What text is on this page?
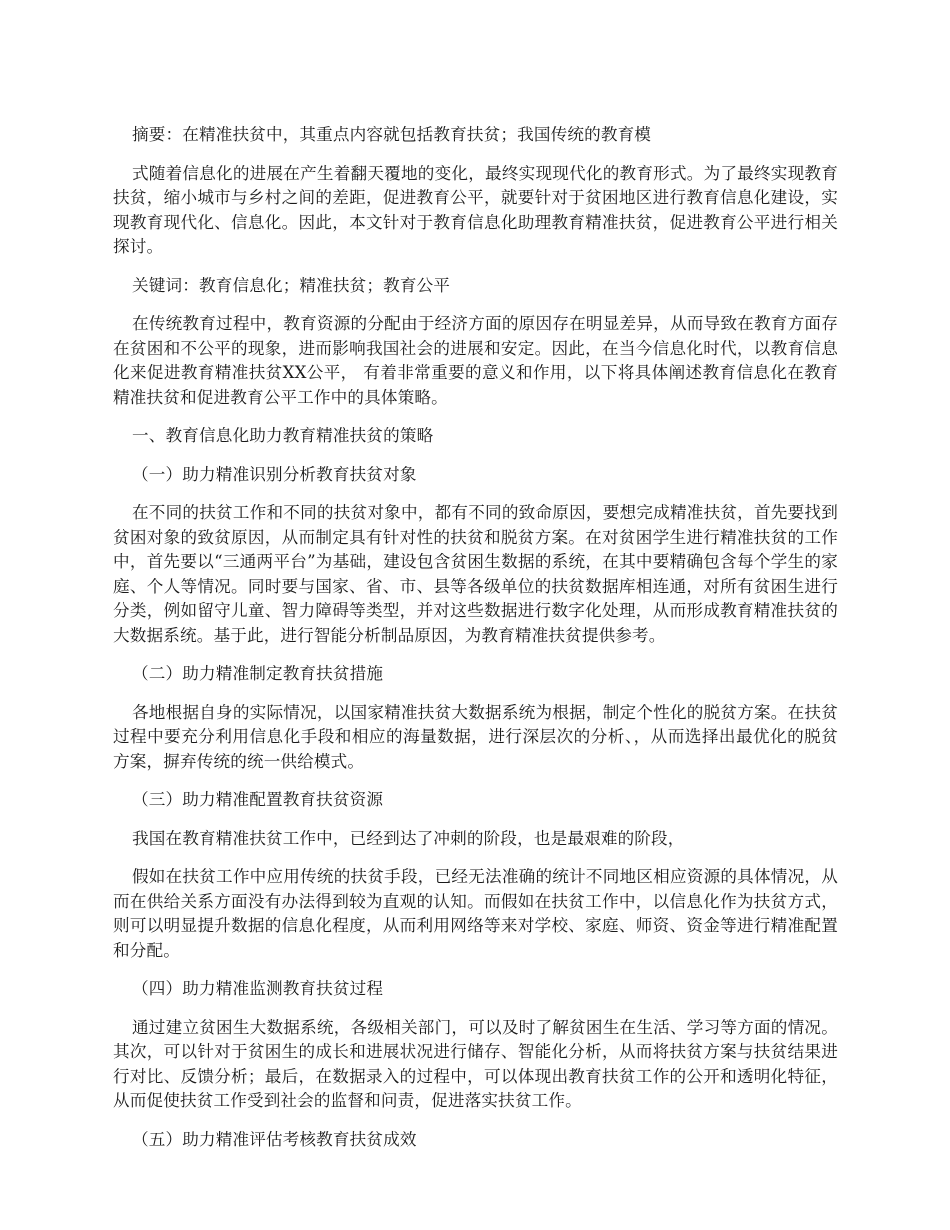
摘要：在精准扶贫中，其重点内容就包括教育扶贫；我国传统的教育模

式随着信息化的进展在产生着翻天覆地的变化，最终实现现代化的教育形式。为了最终实现教育扶贫，缩小城市与乡村之间的差距，促进教育公平，就要针对于贫困地区进行教育信息化建设，实现教育现代化、信息化。因此，本文针对于教育信息化助理教育精准扶贫，促进教育公平进行相关探讨。

关键词：教育信息化；精准扶贫；教育公平

在传统教育过程中，教育资源的分配由于经济方面的原因存在明显差异，从而导致在教育方面存在贫困和不公平的现象，进而影响我国社会的进展和安定。因此，在当今信息化时代，以教育信息化来促进教育精准扶贫XX公平， 有着非常重要的意义和作用，以下将具体阐述教育信息化在教育精准扶贫和促进教育公平工作中的具体策略。

一、教育信息化助力教育精准扶贫的策略

（一）助力精准识别分析教育扶贫对象

在不同的扶贫工作和不同的扶贫对象中，都有不同的致命原因，要想完成精准扶贫，首先要找到贫困对象的致贫原因，从而制定具有针对性的扶贫和脱贫方案。在对贫困学生进行精准扶贫的工作中，首先要以“三通两平台”为基础，建设包含贫困生数据的系统，在其中要精确包含每个学生的家庭、个人等情况。同时要与国家、省、市、县等各级单位的扶贫数据库相连通，对所有贫困生进行分类，例如留守儿童、智力障碍等类型，并对这些数据进行数字化处理，从而形成教育精准扶贫的大数据系统。基于此，进行智能分析制品原因，为教育精准扶贫提供参考。

（二）助力精准制定教育扶贫措施

各地根据自身的实际情况，以国家精准扶贫大数据系统为根据，制定个性化的脱贫方案。在扶贫过程中要充分利用信息化手段和相应的海量数据，进行深层次的分析、，从而选择出最优化的脱贫方案，摒弃传统的统一供给模式。

（三）助力精准配置教育扶贫资源

我国在教育精准扶贫工作中，已经到达了冲刺的阶段，也是最艰难的阶段，

假如在扶贫工作中应用传统的扶贫手段，已经无法准确的统计不同地区相应资源的具体情况，从而在供给关系方面没有办法得到较为直观的认知。而假如在扶贫工作中，以信息化作为扶贫方式，则可以明显提升数据的信息化程度，从而利用网络等来对学校、家庭、师资、资金等进行精准配置和分配。

（四）助力精准监测教育扶贫过程

通过建立贫困生大数据系统，各级相关部门，可以及时了解贫困生在生活、学习等方面的情况。其次，可以针对于贫困生的成长和进展状况进行储存、智能化分析，从而将扶贫方案与扶贫结果进行对比、反馈分析；最后，在数据录入的过程中，可以体现出教育扶贫工作的公开和透明化特征，从而促使扶贫工作受到社会的监督和问责，促进落实扶贫工作。

（五）助力精准评估考核教育扶贫成效
